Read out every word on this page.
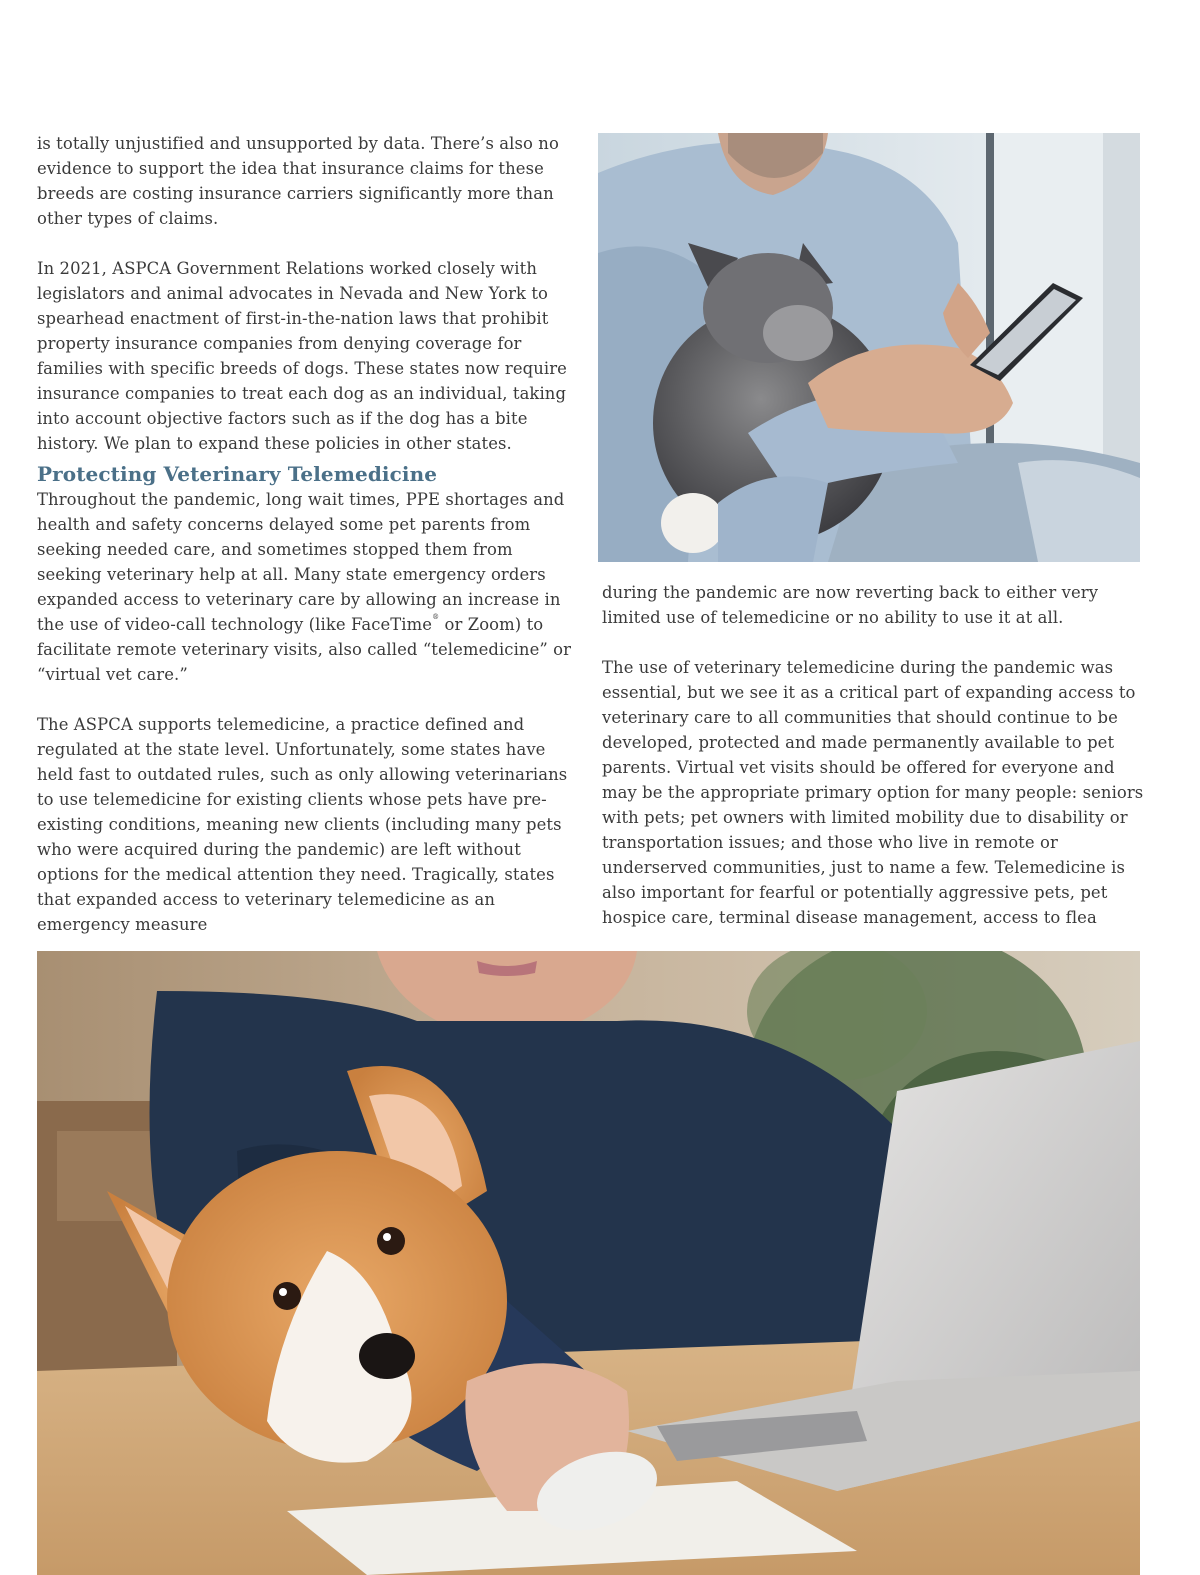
is totally unjustified and unsupported by data. There’s also no evidence to support the idea that insurance claims for these breeds are costing insurance carriers significantly more than other types of claims.

In 2021, ASPCA Government Relations worked closely with legislators and animal advocates in Nevada and New York to spearhead enactment of first-in-the-nation laws that prohibit property insurance companies from denying coverage for families with specific breeds of dogs. These states now require insurance companies to treat each dog as an individual, taking into account objective factors such as if the dog has a bite history. We plan to expand these policies in other states.

Protecting Veterinary Telemedicine

Throughout the pandemic, long wait times, PPE shortages and health and safety concerns delayed some pet parents from seeking needed care, and sometimes stopped them from seeking veterinary help at all. Many state emergency orders expanded access to veterinary care by allowing an increase in the use of video-call technology (like FaceTime® or Zoom) to facilitate remote veterinary visits, also called “telemedicine” or “virtual vet care.”

The ASPCA supports telemedicine, a practice defined and regulated at the state level. Unfortunately, some states have held fast to outdated rules, such as only allowing veterinarians to use telemedicine for existing clients whose pets have pre-existing conditions, meaning new clients (including many pets who were acquired during the pandemic) are left without options for the medical attention they need. Tragically, states that expanded access to veterinary telemedicine as an emergency measure

during the pandemic are now reverting back to either very limited use of telemedicine or no ability to use it at all.

The use of veterinary telemedicine during the pandemic was essential, but we see it as a critical part of expanding access to veterinary care to all communities that should continue to be developed, protected and made permanently available to pet parents. Virtual vet visits should be offered for everyone and may be the appropriate primary option for many people: seniors with pets; pet owners with limited mobility due to disability or transportation issues; and those who live in remote or underserved communities, just to name a few. Telemedicine is also important for fearful or potentially aggressive pets, pet hospice care, terminal disease management, access to flea
